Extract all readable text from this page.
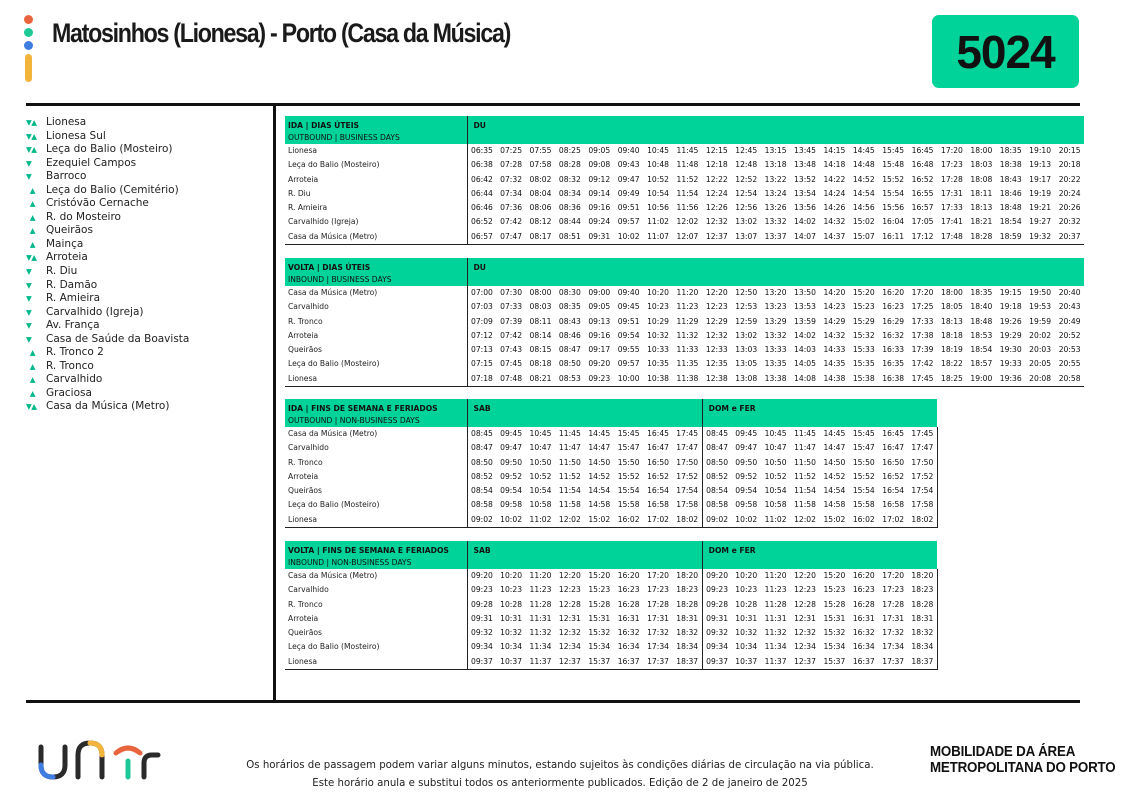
Matosinhos (Lionesa) - Porto (Casa da Música)	5024
▼▲ Lionesa
▼▲ Lionesa Sul
▼▲ Leça do Balio (Mosteiro)
▼	Ezequiel Campos
▼	Barroco
▲	Leça do Balio (Cemitério)
▲	Cristóvão Cernache
▲	R. do Mosteiro
▲	Queirãos
▲	Mainça
▼▲ Arroteia
▼	R. Diu
▼	R. Damão
▼	R. Amieira
▼	Carvalhido (Igreja)
▼	Av. França
▼	Casa de Saúde da Boavista
▲	R. Tronco 2
▲	R. Tronco
▲	Carvalhido
▲	Graciosa
▼▲ Casa da Música (Metro)
IDA | DIAS ÚTEIS	DU																				
OUTBOUND | BUSINESS DAYS																					
Lionesa	06:35	07:25	07:55	08:25	09:05	09:40	10:45	11:45	12:15	12:45	13:15	13:45	14:15	14:45	15:45	16:45	17:20	18:00	18:35	19:10	20:15
Leça do Balio (Mosteiro)	06:38	07:28	07:58	08:28	09:08	09:43	10:48	11:48	12:18	12:48	13:18	13:48	14:18	14:48	15:48	16:48	17:23	18:03	18:38	19:13	20:18
Arroteia	06:42	07:32	08:02	08:32	09:12	09:47	10:52	11:52	12:22	12:52	13:22	13:52	14:22	14:52	15:52	16:52	17:28	18:08	18:43	19:17	20:22
R. Diu	06:44	07:34	08:04	08:34	09:14	09:49	10:54	11:54	12:24	12:54	13:24	13:54	14:24	14:54	15:54	16:55	17:31	18:11	18:46	19:19	20:24
R. Amieira	06:46	07:36	08:06	08:36	09:16	09:51	10:56	11:56	12:26	12:56	13:26	13:56	14:26	14:56	15:56	16:57	17:33	18:13	18:48	19:21	20:26
Carvalhido (Igreja)	06:52	07:42	08:12	08:44	09:24	09:57	11:02	12:02	12:32	13:02	13:32	14:02	14:32	15:02	16:04	17:05	17:41	18:21	18:54	19:27	20:32
Casa da Música (Metro)	06:57	07:47	08:17	08:51	09:31	10:02	11:07	12:07	12:37	13:07	13:37	14:07	14:37	15:07	16:11	17:12	17:48	18:28	18:59	19:32	20:37
VOLTA | DIAS ÚTEIS	DU																				
INBOUND | BUSINESS DAYS																					
Casa da Música (Metro)	07:00	07:30	08:00	08:30	09:00	09:40	10:20	11:20	12:20	12:50	13:20	13:50	14:20	15:20	16:20	17:20	18:00	18:35	19:15	19:50	20:40
Carvalhido	07:03	07:33	08:03	08:35	09:05	09:45	10:23	11:23	12:23	12:53	13:23	13:53	14:23	15:23	16:23	17:25	18:05	18:40	19:18	19:53	20:43
R. Tronco	07:09	07:39	08:11	08:43	09:13	09:51	10:29	11:29	12:29	12:59	13:29	13:59	14:29	15:29	16:29	17:33	18:13	18:48	19:26	19:59	20:49
Arroteia	07:12	07:42	08:14	08:46	09:16	09:54	10:32	11:32	12:32	13:02	13:32	14:02	14:32	15:32	16:32	17:38	18:18	18:53	19:29	20:02	20:52
Queirãos	07:13	07:43	08:15	08:47	09:17	09:55	10:33	11:33	12:33	13:03	13:33	14:03	14:33	15:33	16:33	17:39	18:19	18:54	19:30	20:03	20:53
Leça do Balio (Mosteiro)	07:15	07:45	08:18	08:50	09:20	09:57	10:35	11:35	12:35	13:05	13:35	14:05	14:35	15:35	16:35	17:42	18:22	18:57	19:33	20:05	20:55
Lionesa	07:18	07:48	08:21	08:53	09:23	10:00	10:38	11:38	12:38	13:08	13:38	14:08	14:38	15:38	16:38	17:45	18:25	19:00	19:36	20:08	20:58
IDA | FINS DE SEMANA E FERIADOS	SAB								DOM e FER							
OUTBOUND | NON-BUSINESS DAYS																
Casa da Música (Metro)	08:45	09:45	10:45	11:45	14:45	15:45	16:45	17:45	08:45	09:45	10:45	11:45	14:45	15:45	16:45	17:45
Carvalhido	08:47	09:47	10:47	11:47	14:47	15:47	16:47	17:47	08:47	09:47	10:47	11:47	14:47	15:47	16:47	17:47
R. Tronco	08:50	09:50	10:50	11:50	14:50	15:50	16:50	17:50	08:50	09:50	10:50	11:50	14:50	15:50	16:50	17:50
Arroteia	08:52	09:52	10:52	11:52	14:52	15:52	16:52	17:52	08:52	09:52	10:52	11:52	14:52	15:52	16:52	17:52
Queirãos	08:54	09:54	10:54	11:54	14:54	15:54	16:54	17:54	08:54	09:54	10:54	11:54	14:54	15:54	16:54	17:54
Leça do Balio (Mosteiro)	08:58	09:58	10:58	11:58	14:58	15:58	16:58	17:58	08:58	09:58	10:58	11:58	14:58	15:58	16:58	17:58
Lionesa	09:02	10:02	11:02	12:02	15:02	16:02	17:02	18:02	09:02	10:02	11:02	12:02	15:02	16:02	17:02	18:02
VOLTA | FINS DE SEMANA E FERIADOS	SAB								DOM e FER							
INBOUND | NON-BUSINESS DAYS																
Casa da Música (Metro)	09:20	10:20	11:20	12:20	15:20	16:20	17:20	18:20	09:20	10:20	11:20	12:20	15:20	16:20	17:20	18:20
Carvalhido	09:23	10:23	11:23	12:23	15:23	16:23	17:23	18:23	09:23	10:23	11:23	12:23	15:23	16:23	17:23	18:23
R. Tronco	09:28	10:28	11:28	12:28	15:28	16:28	17:28	18:28	09:28	10:28	11:28	12:28	15:28	16:28	17:28	18:28
Arroteia	09:31	10:31	11:31	12:31	15:31	16:31	17:31	18:31	09:31	10:31	11:31	12:31	15:31	16:31	17:31	18:31
Queirãos	09:32	10:32	11:32	12:32	15:32	16:32	17:32	18:32	09:32	10:32	11:32	12:32	15:32	16:32	17:32	18:32
Leça do Balio (Mosteiro)	09:34	10:34	11:34	12:34	15:34	16:34	17:34	18:34	09:34	10:34	11:34	12:34	15:34	16:34	17:34	18:34
Lionesa	09:37	10:37	11:37	12:37	15:37	16:37	17:37	18:37	09:37	10:37	11:37	12:37	15:37	16:37	17:37	18:37
Os horários de passagem podem variar alguns minutos, estando sujeitos às condições diárias de circulação na via pública.
Este horário anula e substitui todos os anteriormente publicados. Edição de 2 de janeiro de 2025
MOBILIDADE DA ÁREA
METROPOLITANA DO PORTO
